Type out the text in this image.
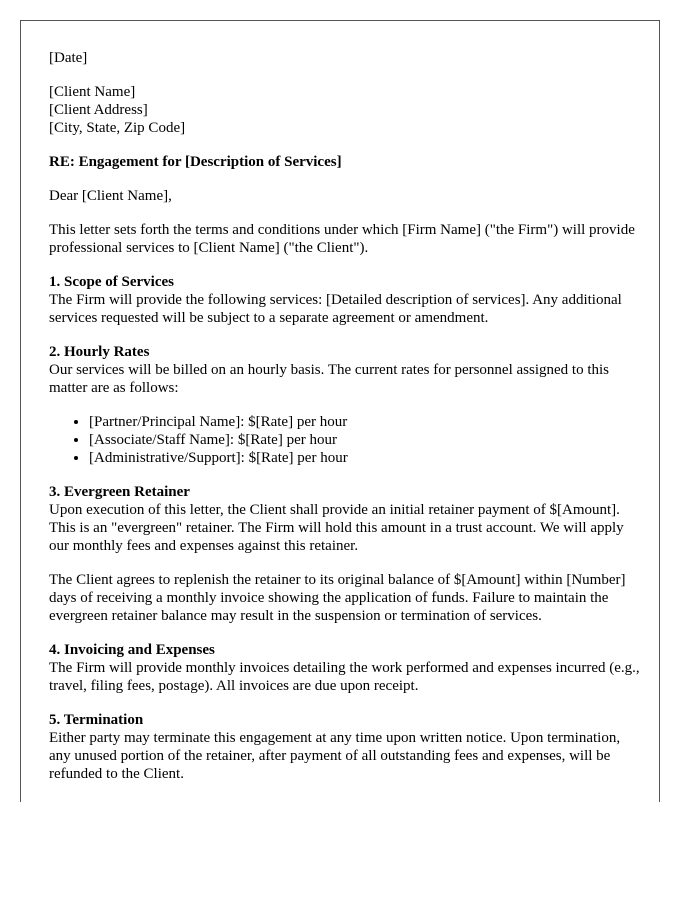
[Date]

[Client Name]

[Client Address]

[City, State, Zip Code]

RE: Engagement for [Description of Services]

Dear [Client Name],

This letter sets forth the terms and conditions under which [Firm Name] ("the Firm") will provide professional services to [Client Name] ("the Client").

1. Scope of Services

The Firm will provide the following services: [Detailed description of services]. Any additional services requested will be subject to a separate agreement or amendment.

2. Hourly Rates

Our services will be billed on an hourly basis. The current rates for personnel assigned to this matter are as follows:

• [Partner/Principal Name]: $[Rate] per hour
• [Associate/Staff Name]: $[Rate] per hour
• [Administrative/Support]: $[Rate] per hour

3. Evergreen Retainer

Upon execution of this letter, the Client shall provide an initial retainer payment of $[Amount]. This is an "evergreen" retainer. The Firm will hold this amount in a trust account. We will apply our monthly fees and expenses against this retainer.

The Client agrees to replenish the retainer to its original balance of $[Amount] within [Number] days of receiving a monthly invoice showing the application of funds. Failure to maintain the evergreen retainer balance may result in the suspension or termination of services.

4. Invoicing and Expenses

The Firm will provide monthly invoices detailing the work performed and expenses incurred (e.g., travel, filing fees, postage). All invoices are due upon receipt.

5. Termination

Either party may terminate this engagement at any time upon written notice. Upon termination, any unused portion of the retainer, after payment of all outstanding fees and expenses, will be refunded to the Client.
